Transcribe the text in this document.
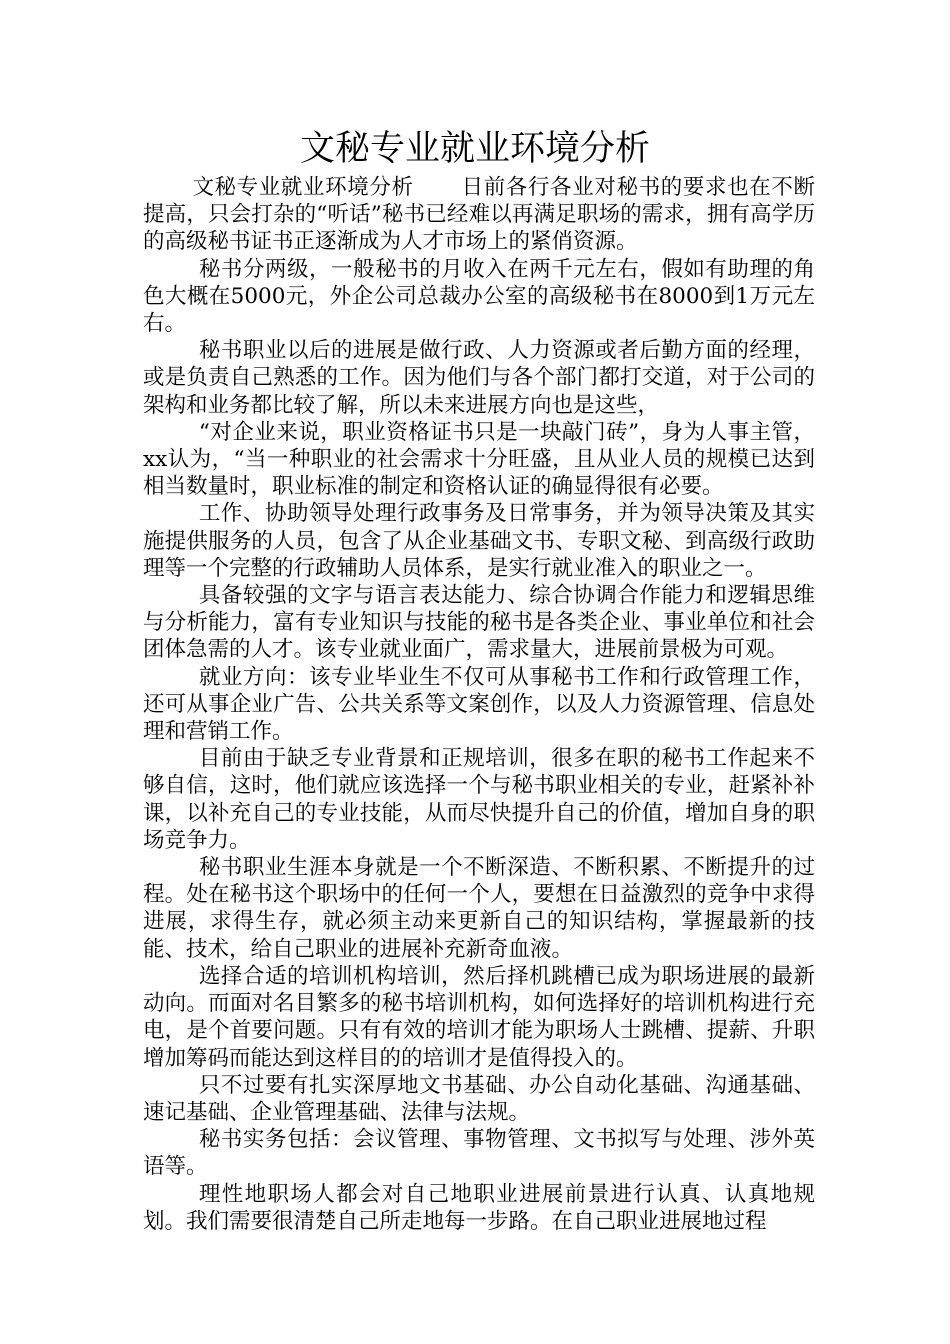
文秘专业就业环境分析

文秘专业就业环境分析 日前各行各业对秘书的要求也在不断提高，只会打杂的“听话”秘书已经难以再满足职场的需求，拥有高学历的高级秘书证书正逐渐成为人才市场上的紧俏资源。

秘书分两级，一般秘书的月收入在两千元左右，假如有助理的角色大概在5000元，外企公司总裁办公室的高级秘书在8000到1万元左右。

秘书职业以后的进展是做行政、人力资源或者后勤方面的经理，或是负责自己熟悉的工作。因为他们与各个部门都打交道，对于公司的架构和业务都比较了解，所以未来进展方向也是这些，

“对企业来说，职业资格证书只是一块敲门砖”，身为人事主管，xx认为，“当一种职业的社会需求十分旺盛，且从业人员的规模已达到相当数量时，职业标准的制定和资格认证的确显得很有必要。

工作、协助领导处理行政事务及日常事务，并为领导决策及其实施提供服务的人员，包含了从企业基础文书、专职文秘、到高级行政助理等一个完整的行政辅助人员体系，是实行就业准入的职业之一。

具备较强的文字与语言表达能力、综合协调合作能力和逻辑思维与分析能力，富有专业知识与技能的秘书是各类企业、事业单位和社会团体急需的人才。该专业就业面广，需求量大，进展前景极为可观。

就业方向：该专业毕业生不仅可从事秘书工作和行政管理工作，还可从事企业广告、公共关系等文案创作，以及人力资源管理、信息处理和营销工作。

目前由于缺乏专业背景和正规培训，很多在职的秘书工作起来不够自信，这时，他们就应该选择一个与秘书职业相关的专业，赶紧补补课，以补充自己的专业技能，从而尽快提升自己的价值，增加自身的职场竞争力。

秘书职业生涯本身就是一个不断深造、不断积累、不断提升的过程。处在秘书这个职场中的任何一个人，要想在日益激烈的竞争中求得进展，求得生存，就必须主动来更新自己的知识结构，掌握最新的技能、技术，给自己职业的进展补充新奇血液。

选择合适的培训机构培训，然后择机跳槽已成为职场进展的最新动向。而面对名目繁多的秘书培训机构，如何选择好的培训机构进行充电，是个首要问题。只有有效的培训才能为职场人士跳槽、提薪、升职增加筹码而能达到这样目的的培训才是值得投入的。

只不过要有扎实深厚地文书基础、办公自动化基础、沟通基础、速记基础、企业管理基础、法律与法规。

秘书实务包括：会议管理、事物管理、文书拟写与处理、涉外英语等。

理性地职场人都会对自己地职业进展前景进行认真、认真地规划。我们需要很清楚自己所走地每一步路。在自己职业进展地过程
